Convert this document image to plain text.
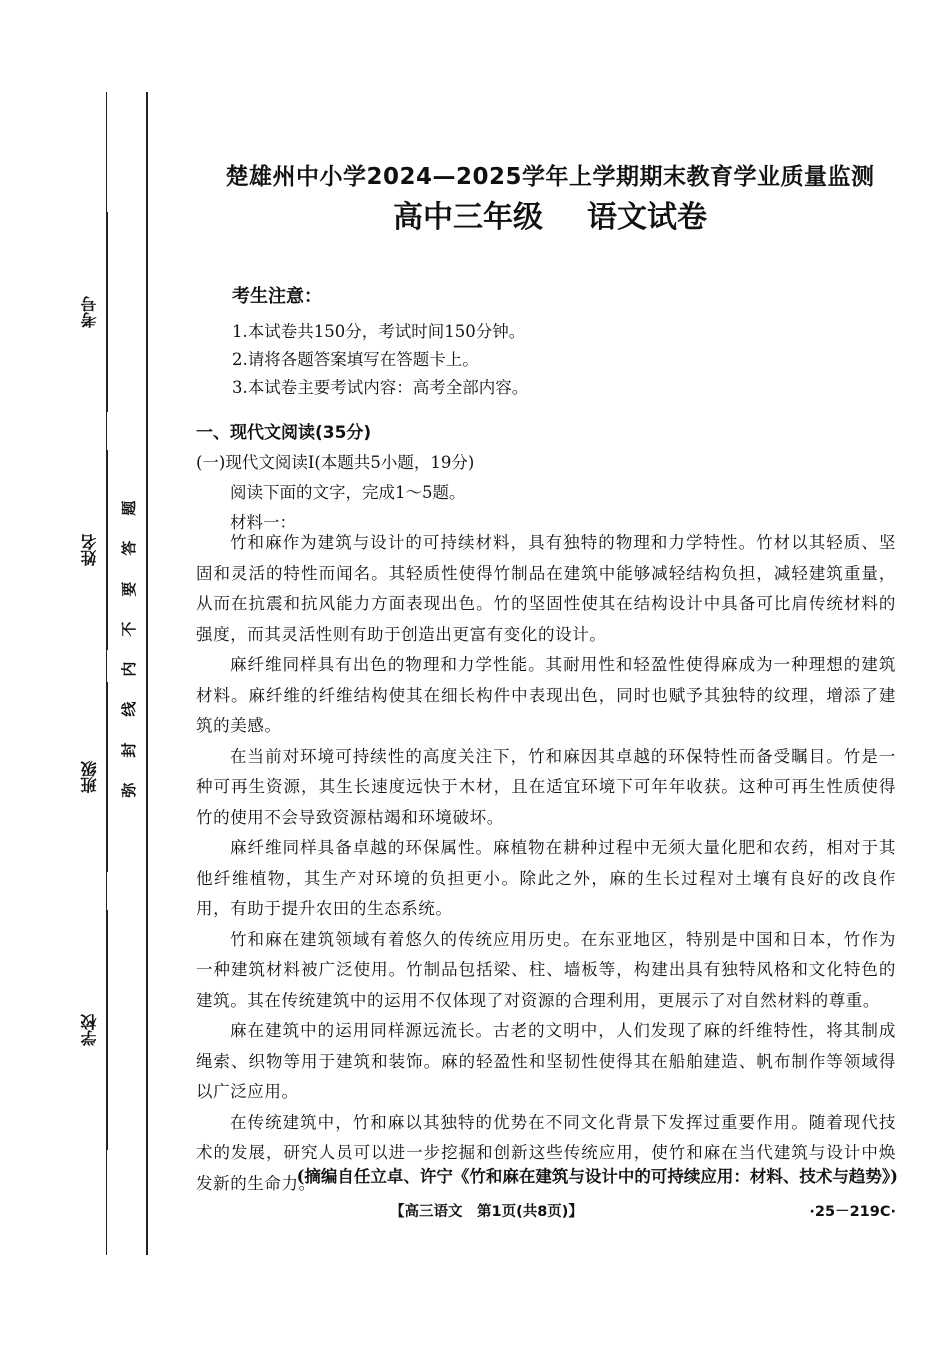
考号
姓名
班级
学校
题
答
要
不
内
线
封
弥
楚雄州中小学2024—2025学年上学期期末教育学业质量监测
高中三年级 语文试卷
考生注意：
1.本试卷共150分，考试时间150分钟。
2.请将各题答案填写在答题卡上。
3.本试卷主要考试内容：高考全部内容。
一、现代文阅读(35分)
(一)现代文阅读Ⅰ(本题共5小题，19分)
阅读下面的文字，完成1～5题。
材料一：

竹和麻作为建筑与设计的可持续材料，具有独特的物理和力学特性。竹材以其轻质、坚固和灵活的特性而闻名。其轻质性使得竹制品在建筑中能够减轻结构负担，减轻建筑重量，从而在抗震和抗风能力方面表现出色。竹的坚固性使其在结构设计中具备可比肩传统材料的强度，而其灵活性则有助于创造出更富有变化的设计。

麻纤维同样具有出色的物理和力学性能。其耐用性和轻盈性使得麻成为一种理想的建筑材料。麻纤维的纤维结构使其在细长构件中表现出色，同时也赋予其独特的纹理，增添了建筑的美感。

在当前对环境可持续性的高度关注下，竹和麻因其卓越的环保特性而备受瞩目。竹是一种可再生资源，其生长速度远快于木材，且在适宜环境下可年年收获。这种可再生性质使得竹的使用不会导致资源枯竭和环境破坏。

麻纤维同样具备卓越的环保属性。麻植物在耕种过程中无须大量化肥和农药，相对于其他纤维植物，其生产对环境的负担更小。除此之外，麻的生长过程对土壤有良好的改良作用，有助于提升农田的生态系统。

竹和麻在建筑领域有着悠久的传统应用历史。在东亚地区，特别是中国和日本，竹作为一种建筑材料被广泛使用。竹制品包括梁、柱、墙板等，构建出具有独特风格和文化特色的建筑。其在传统建筑中的运用不仅体现了对资源的合理利用，更展示了对自然材料的尊重。

麻在建筑中的运用同样源远流长。古老的文明中，人们发现了麻的纤维特性，将其制成绳索、织物等用于建筑和装饰。麻的轻盈性和坚韧性使得其在船舶建造、帆布制作等领域得以广泛应用。

在传统建筑中，竹和麻以其独特的优势在不同文化背景下发挥过重要作用。随着现代技术的发展，研究人员可以进一步挖掘和创新这些传统应用，使竹和麻在当代建筑与设计中焕发新的生命力。

(摘编自任立卓、许宁《竹和麻在建筑与设计中的可持续应用：材料、技术与趋势》)
【高三语文　第1页(共8页)】	·25－219C·
